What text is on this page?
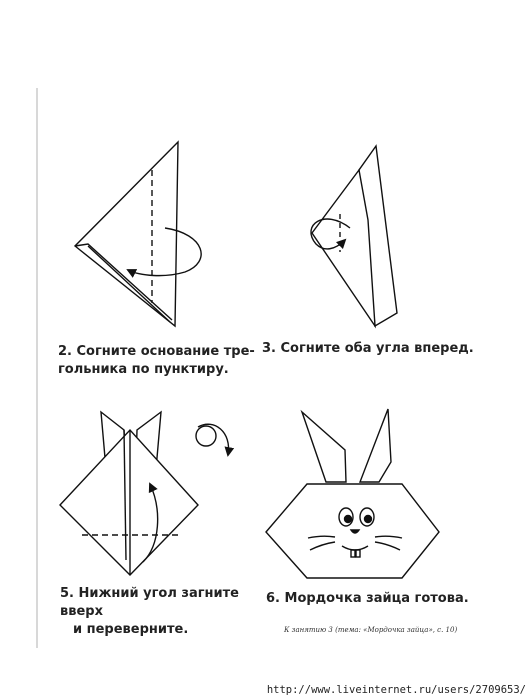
2. Согните основание тре-
гольника по пунктиру.

3. Согните оба угла вперед.

5. Нижний угол загните вверх
и переверните.

6. Мордочка зайца готова.

К занятию 3 (тема: «Мордочка зайца», с. 10)
http://www.liveinternet.ru/users/2709653/
